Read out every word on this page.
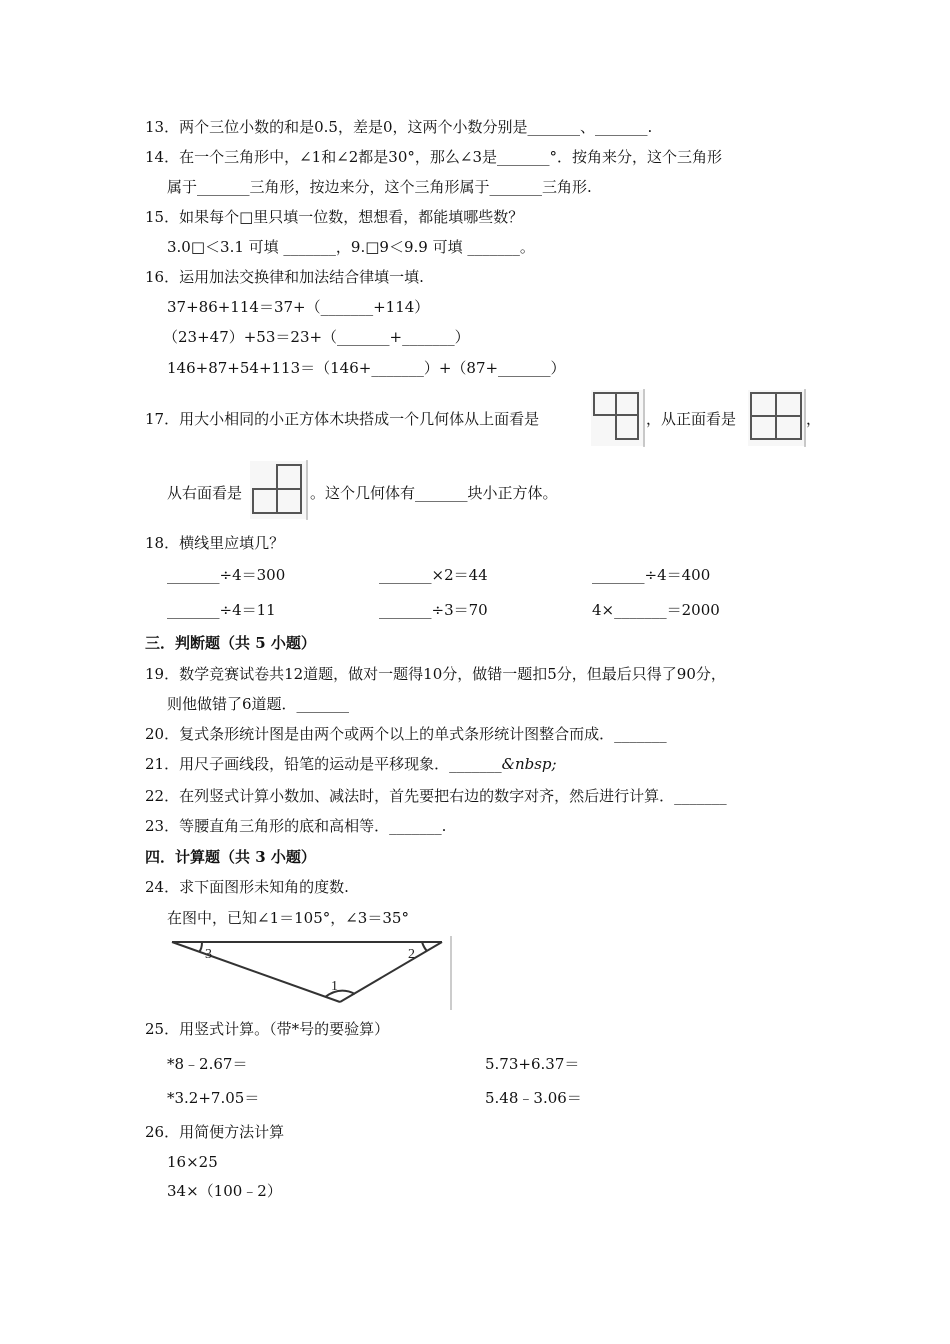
13．两个三位小数的和是0.5，差是0，这两个小数分别是_______、_______.
14．在一个三角形中，∠1和∠2都是30°，那么∠3是_______°．按角来分，这个三角形
属于_______三角形，按边来分，这个三角形属于_______三角形.
15．如果每个□里只填一位数，想想看，都能填哪些数？
3.0□＜3.1 可填 _______，9.□9＜9.9 可填 _______。
16．运用加法交换律和加法结合律填一填.
37+86+114＝37+（_______+114）
（23+47）+53＝23+（_______+_______）
146+87+54+113＝（146+_______）+（87+_______）
17．用大小相同的小正方体木块搭成一个几何体从上面看是	，从正面看是	，
从右面看是	。这个几何体有_______块小正方体。
18．横线里应填几？
_______÷4＝300	_______×2＝44	_______÷4＝400
_______÷4＝11	_______÷3＝70	4×_______＝2000
三．判断题（共 5 小题）
19．数学竞赛试卷共12道题，做对一题得10分，做错一题扣5分，但最后只得了90分，
则他做错了6道题．_______
20．复式条形统计图是由两个或两个以上的单式条形统计图整合而成．_______
21．用尺子画线段，铅笔的运动是平移现象．_______&nbsp;
22．在列竖式计算小数加、减法时，首先要把右边的数字对齐，然后进行计算．_______
23．等腰直角三角形的底和高相等．_______.
四．计算题（共 3 小题）
24．求下面图形未知角的度数.
在图中，已知∠1＝105°，∠3＝35°
3	2
1
25．用竖式计算。（带*号的要验算）
*8﹣2.67＝	5.73+6.37＝
*3.2+7.05＝	5.48﹣3.06＝
26．用简便方法计算
16×25
34×（100﹣2）
